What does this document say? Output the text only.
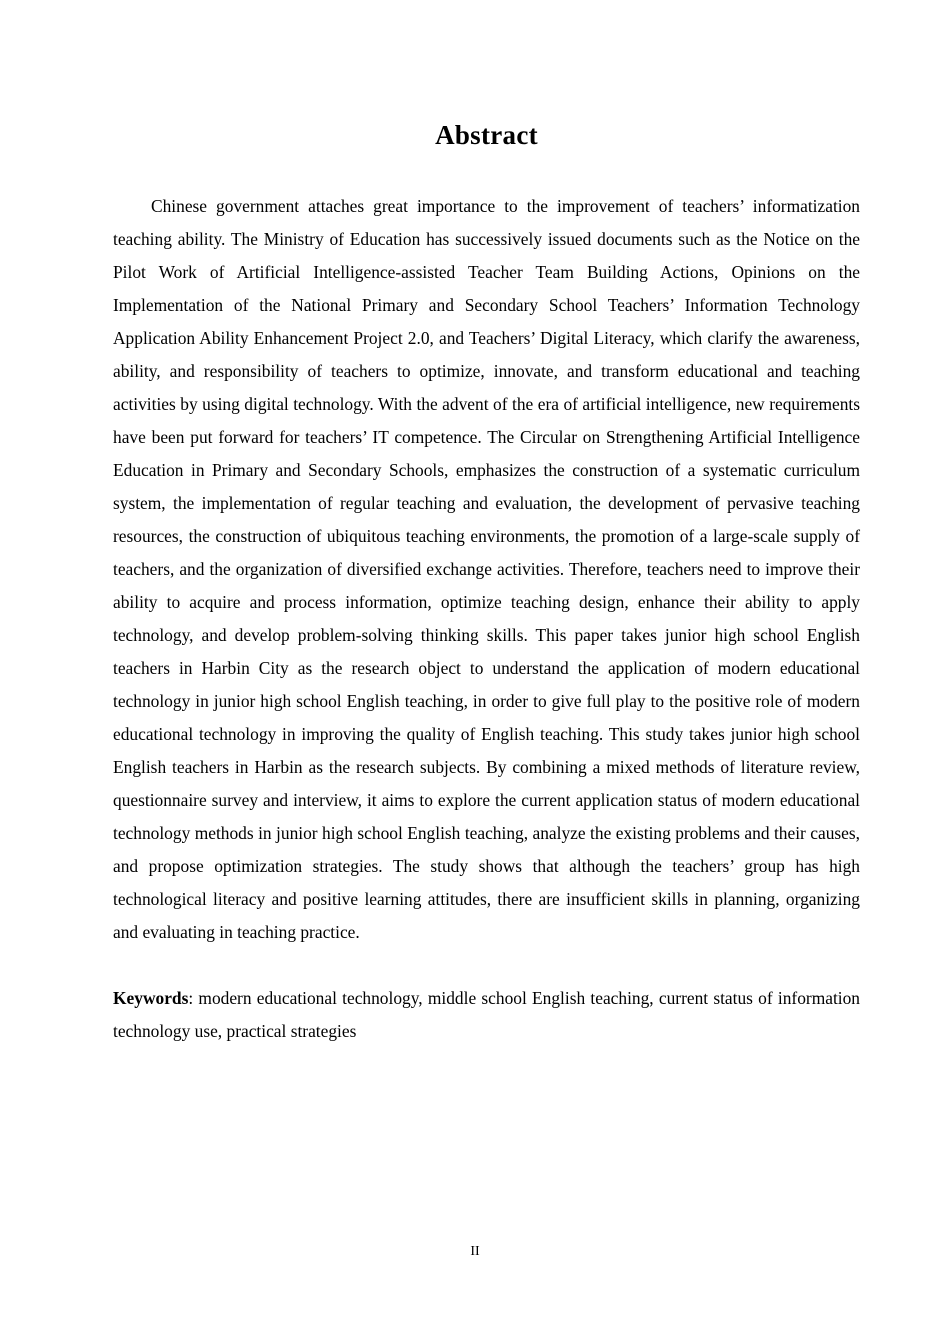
Abstract

Chinese government attaches great importance to the improvement of teachers’ informatization teaching ability. The Ministry of Education has successively issued documents such as the Notice on the Pilot Work of Artificial Intelligence-assisted Teacher Team Building Actions, Opinions on the Implementation of the National Primary and Secondary School Teachers’ Information Technology Application Ability Enhancement Project 2.0, and Teachers’ Digital Literacy, which clarify the awareness, ability, and responsibility of teachers to optimize, innovate, and transform educational and teaching activities by using digital technology. With the advent of the era of artificial intelligence, new requirements have been put forward for teachers’ IT competence. The Circular on Strengthening Artificial Intelligence Education in Primary and Secondary Schools, emphasizes the construction of a systematic curriculum system, the implementation of regular teaching and evaluation, the development of pervasive teaching resources, the construction of ubiquitous teaching environments, the promotion of a large-scale supply of teachers, and the organization of diversified exchange activities. Therefore, teachers need to improve their ability to acquire and process information, optimize teaching design, enhance their ability to apply technology, and develop problem-solving thinking skills. This paper takes junior high school English teachers in Harbin City as the research object to understand the application of modern educational technology in junior high school English teaching, in order to give full play to the positive role of modern educational technology in improving the quality of English teaching. This study takes junior high school English teachers in Harbin as the research subjects. By combining a mixed methods of literature review, questionnaire survey and interview, it aims to explore the current application status of modern educational technology methods in junior high school English teaching, analyze the existing problems and their causes, and propose optimization strategies. The study shows that although the teachers’ group has high technological literacy and positive learning attitudes, there are insufficient skills in planning, organizing and evaluating in teaching practice.

Keywords: modern educational technology, middle school English teaching, current status of information technology use, practical strategies

II
